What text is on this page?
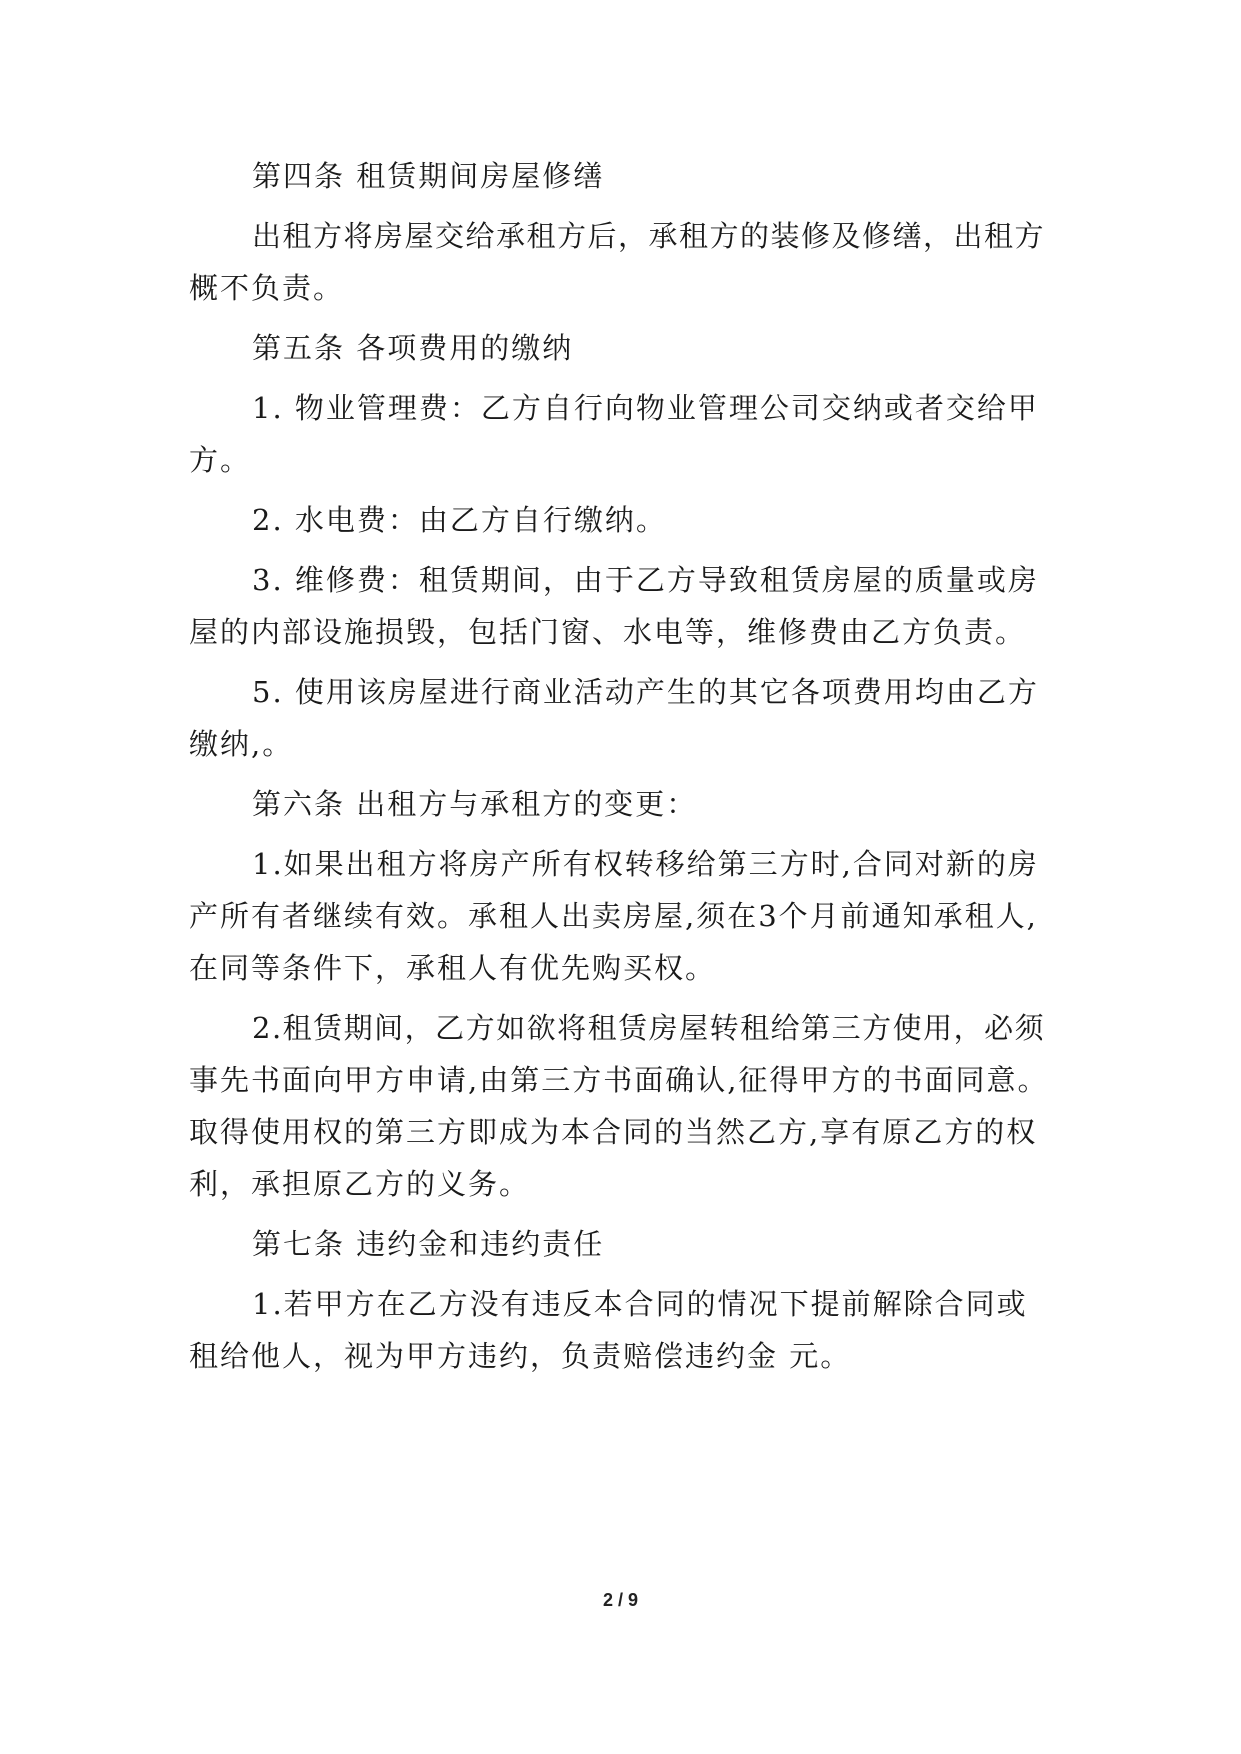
第四条 租赁期间房屋修缮
出租方将房屋交给承租方后，承租方的装修及修缮，出租方
概不负责。
第五条 各项费用的缴纳
1. 物业管理费：乙方自行向物业管理公司交纳或者交给甲
方。
2. 水电费：由乙方自行缴纳。
3. 维修费：租赁期间，由于乙方导致租赁房屋的质量或房
屋的内部设施损毁，包括门窗、水电等，维修费由乙方负责。
5. 使用该房屋进行商业活动产生的其它各项费用均由乙方
缴纳,。
第六条 出租方与承租方的变更：
1.如果出租方将房产所有权转移给第三方时,合同对新的房
产所有者继续有效。承租人出卖房屋,须在3个月前通知承租人,
在同等条件下，承租人有优先购买权。
2.租赁期间，乙方如欲将租赁房屋转租给第三方使用，必须
事先书面向甲方申请,由第三方书面确认,征得甲方的书面同意。
取得使用权的第三方即成为本合同的当然乙方,享有原乙方的权
利，承担原乙方的义务。
第七条 违约金和违约责任
1.若甲方在乙方没有违反本合同的情况下提前解除合同或
租给他人，视为甲方违约，负责赔偿违约金 元。
2 / 9
